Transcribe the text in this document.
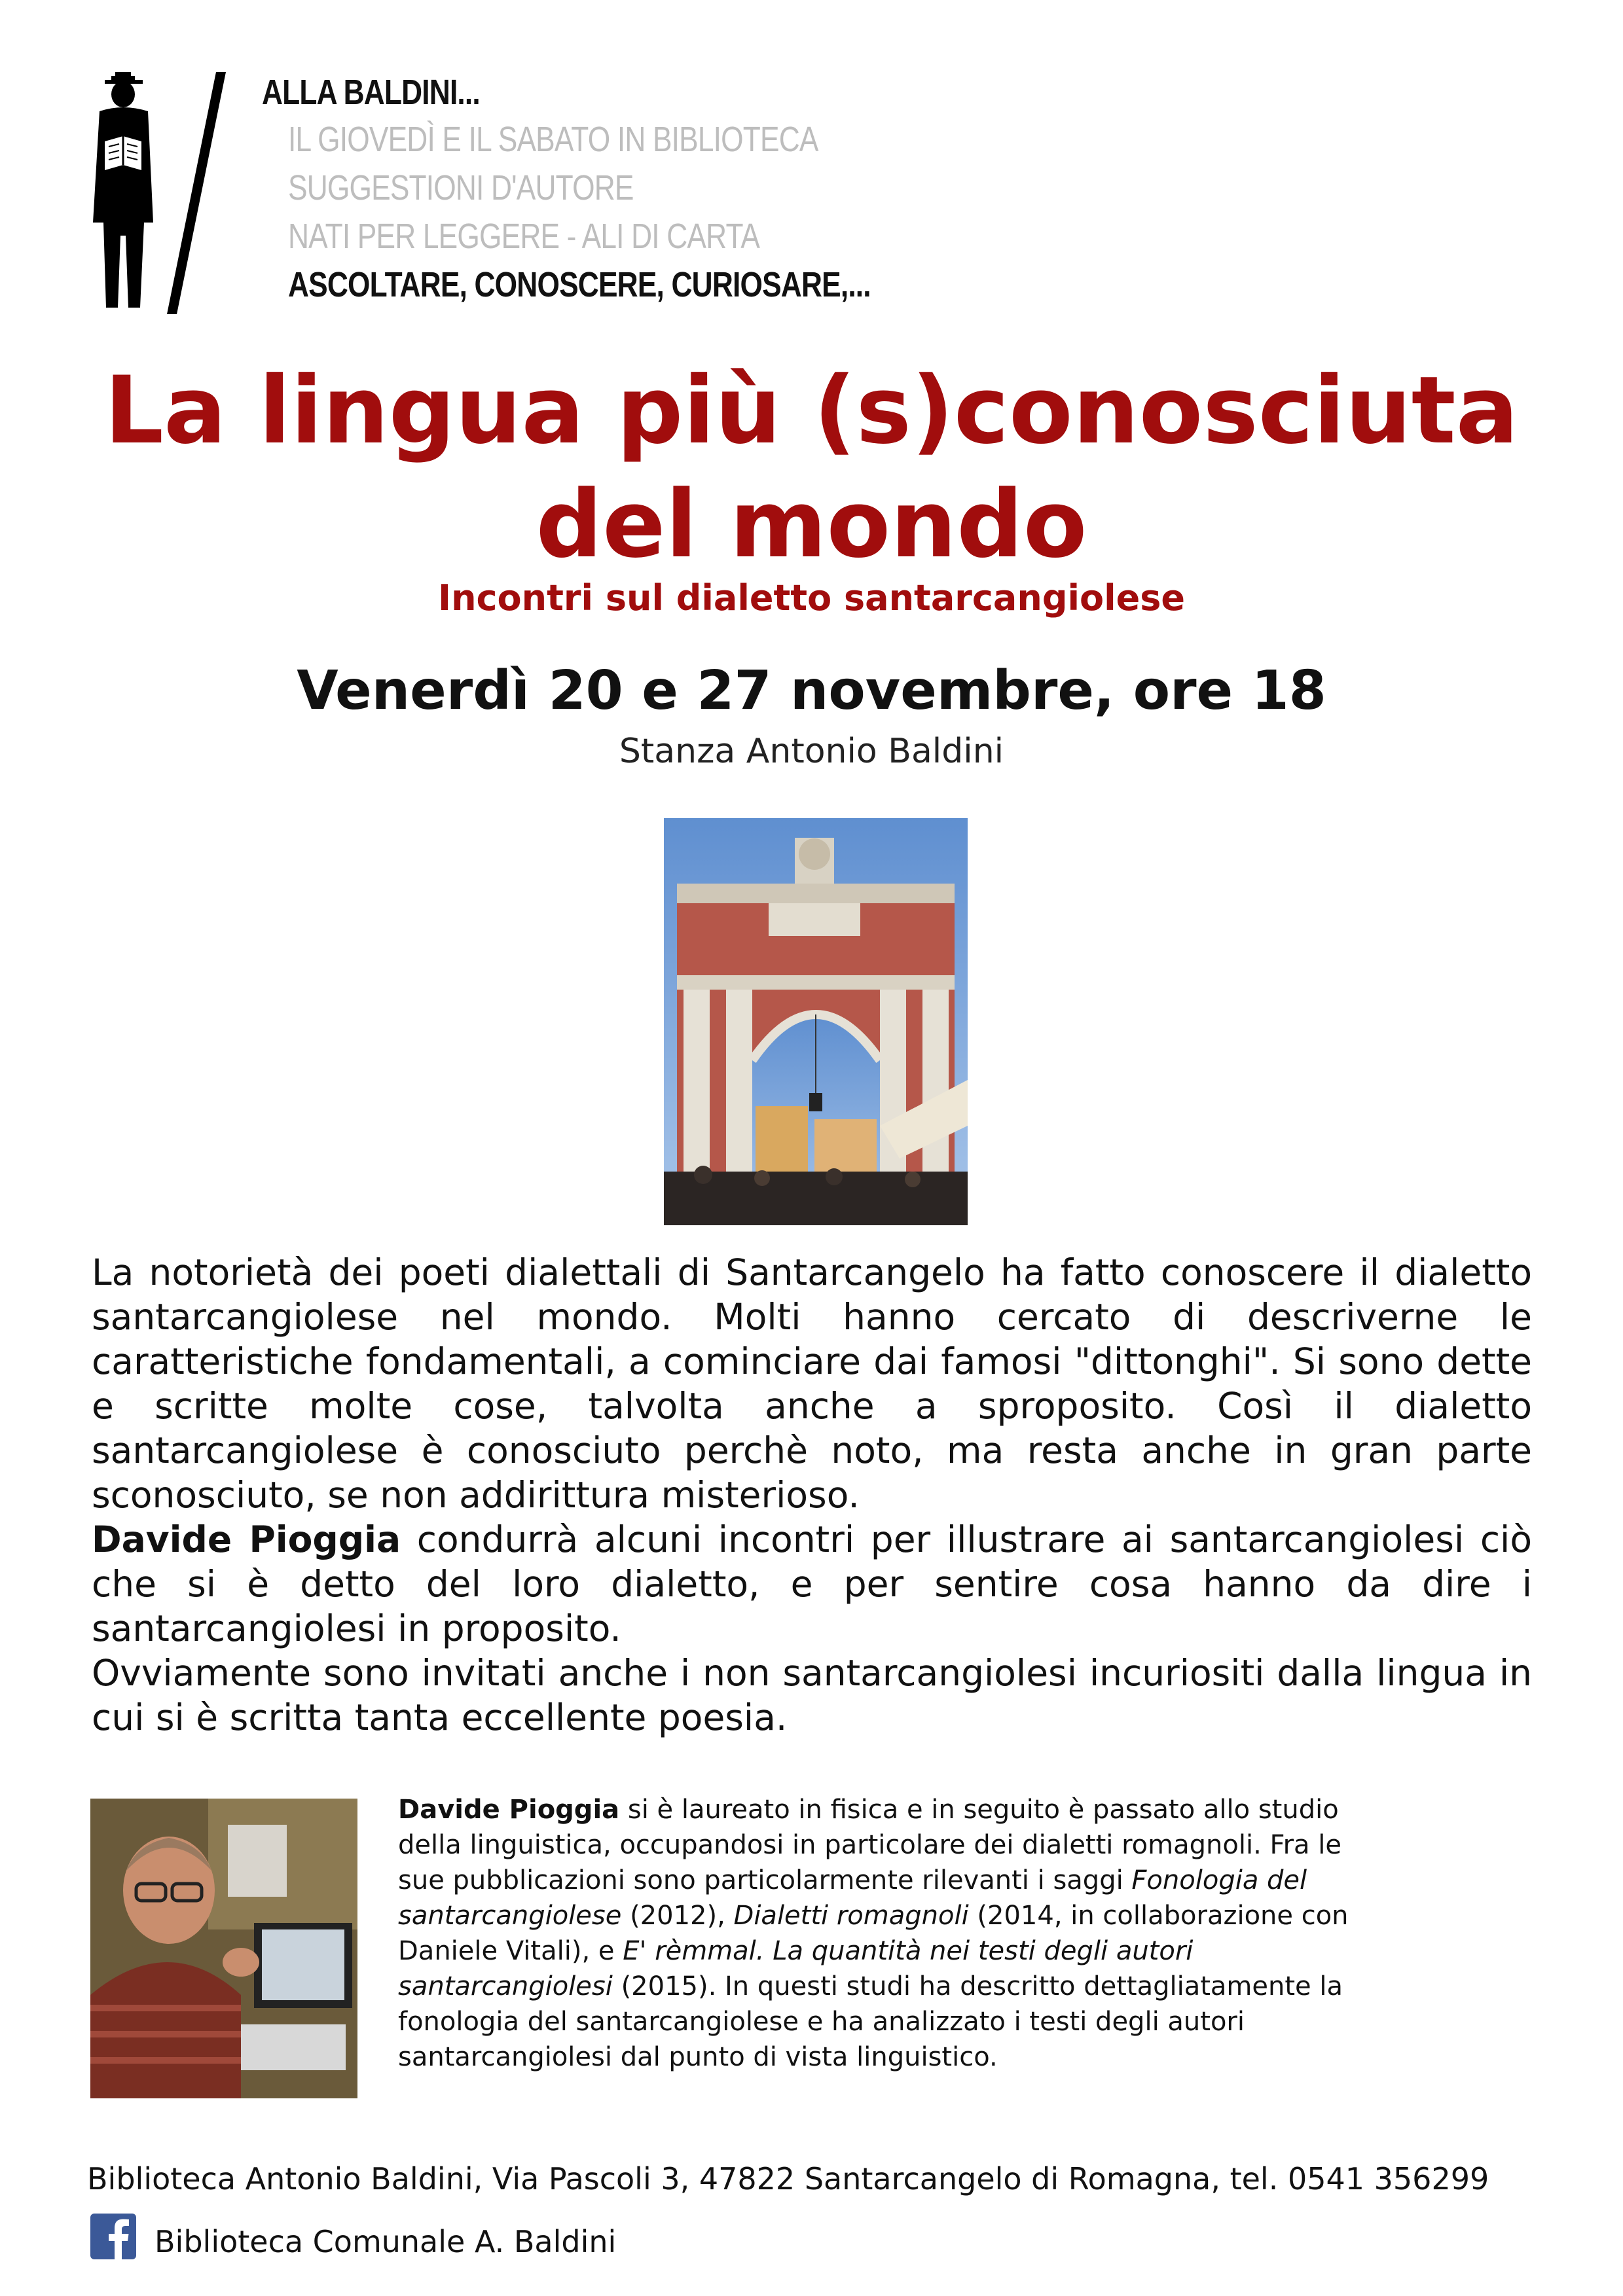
ALLA BALDINI...
IL GIOVEDÌ E IL SABATO IN BIBLIOTECA
SUGGESTIONI D'AUTORE
NATI PER LEGGERE - ALI DI CARTA
ASCOLTARE, CONOSCERE, CURIOSARE,...
La lingua più (s)conosciuta
del mondo
Incontri sul dialetto santarcangiolese
Venerdì 20 e 27 novembre, ore 18
Stanza Antonio Baldini

La notorietà dei poeti dialettali di Santarcangelo ha fatto conoscere il dialetto santarcangiolese nel mondo. Molti hanno cercato di descriverne le caratteristiche fondamentali, a cominciare dai famosi "dittonghi". Si sono dette e scritte molte cose, talvolta anche a sproposito. Così il dialetto santarcangiolese è conosciuto perchè noto, ma resta anche in gran parte sconosciuto, se non addirittura misterioso.

Davide Pioggia condurrà alcuni incontri per illustrare ai santarcangiolesi ciò che si è detto del loro dialetto, e per sentire cosa hanno da dire i santarcangiolesi in proposito.

Ovviamente sono invitati anche i non santarcangiolesi incuriositi dalla lingua in cui si è scritta tanta eccellente poesia.

Davide Pioggia si è laureato in fisica e in seguito è passato allo studio della linguistica, occupandosi in particolare dei dialetti romagnoli. Fra le sue pubblicazioni sono particolarmente rilevanti i saggi Fonologia del santarcangiolese (2012), Dialetti romagnoli (2014, in collaborazione con Daniele Vitali), e E' rèmmal. La quantità nei testi degli autori santarcangiolesi (2015). In questi studi ha descritto dettagliatamente la fonologia del santarcangiolese e ha analizzato i testi degli autori santarcangiolesi dal punto di vista linguistico.
Biblioteca Antonio Baldini, Via Pascoli 3, 47822 Santarcangelo di Romagna, tel. 0541 356299
Biblioteca Comunale A. Baldini
